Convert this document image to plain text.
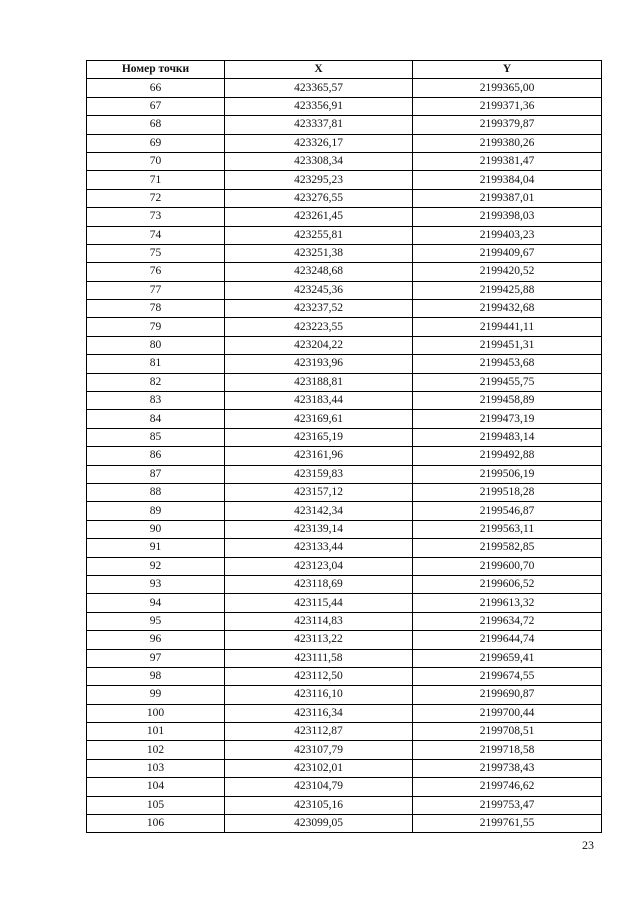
Номер точки	X	Y
66	423365,57	2199365,00
67	423356,91	2199371,36
68	423337,81	2199379,87
69	423326,17	2199380,26
70	423308,34	2199381,47
71	423295,23	2199384,04
72	423276,55	2199387,01
73	423261,45	2199398,03
74	423255,81	2199403,23
75	423251,38	2199409,67
76	423248,68	2199420,52
77	423245,36	2199425,88
78	423237,52	2199432,68
79	423223,55	2199441,11
80	423204,22	2199451,31
81	423193,96	2199453,68
82	423188,81	2199455,75
83	423183,44	2199458,89
84	423169,61	2199473,19
85	423165,19	2199483,14
86	423161,96	2199492,88
87	423159,83	2199506,19
88	423157,12	2199518,28
89	423142,34	2199546,87
90	423139,14	2199563,11
91	423133,44	2199582,85
92	423123,04	2199600,70
93	423118,69	2199606,52
94	423115,44	2199613,32
95	423114,83	2199634,72
96	423113,22	2199644,74
97	423111,58	2199659,41
98	423112,50	2199674,55
99	423116,10	2199690,87
100	423116,34	2199700,44
101	423112,87	2199708,51
102	423107,79	2199718,58
103	423102,01	2199738,43
104	423104,79	2199746,62
105	423105,16	2199753,47
106	423099,05	2199761,55
23
